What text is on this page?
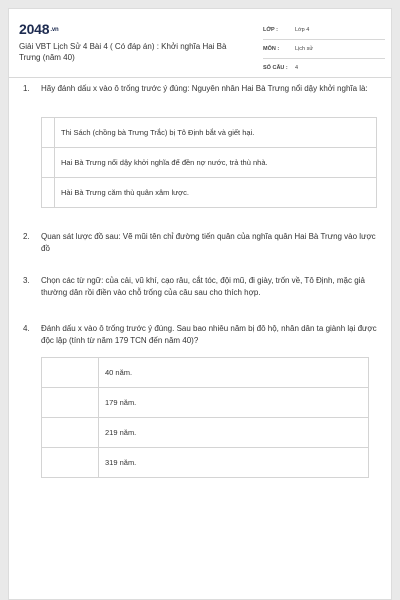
2048.vn
Giải VBT Lịch Sử 4 Bài 4 ( Có đáp án) : Khởi nghĩa Hai Bà Trưng (năm 40)
LỚP :	Lớp 4
MÔN :	Lịch sử
SỐ CÂU : 4
1. Hãy đánh dấu x vào ô trống trước ý đúng: Nguyên nhân Hai Bà Trưng nổi dậy khởi nghĩa là:
	Thi Sách (chồng bà Trưng Trắc) bị Tô Định bắt và giết hại.
	Hai Bà Trưng nổi dậy khởi nghĩa để đền nợ nước, trả thù nhà.
	Hài Bà Trưng căm thù quân xâm lược.
2. Quan sát lược đồ sau: Vẽ mũi tên chỉ đường tiến quân của nghĩa quân Hai Bà Trưng vào lược đồ
3. Chọn các từ ngữ: của cải, vũ khí, cạo râu, cắt tóc, đội mũ, đi giày, trốn về, Tô Định, mặc giả thường dân rồi điền vào chỗ trống của câu sau cho thích hợp.
4. Đánh dấu x vào ô trống trước ý đúng. Sau bao nhiêu năm bị đô hộ, nhân dân ta giành lại được độc lập (tính từ năm 179 TCN đến năm 40)?
	40 năm.
	179 năm.
	219 năm.
	319 năm.
